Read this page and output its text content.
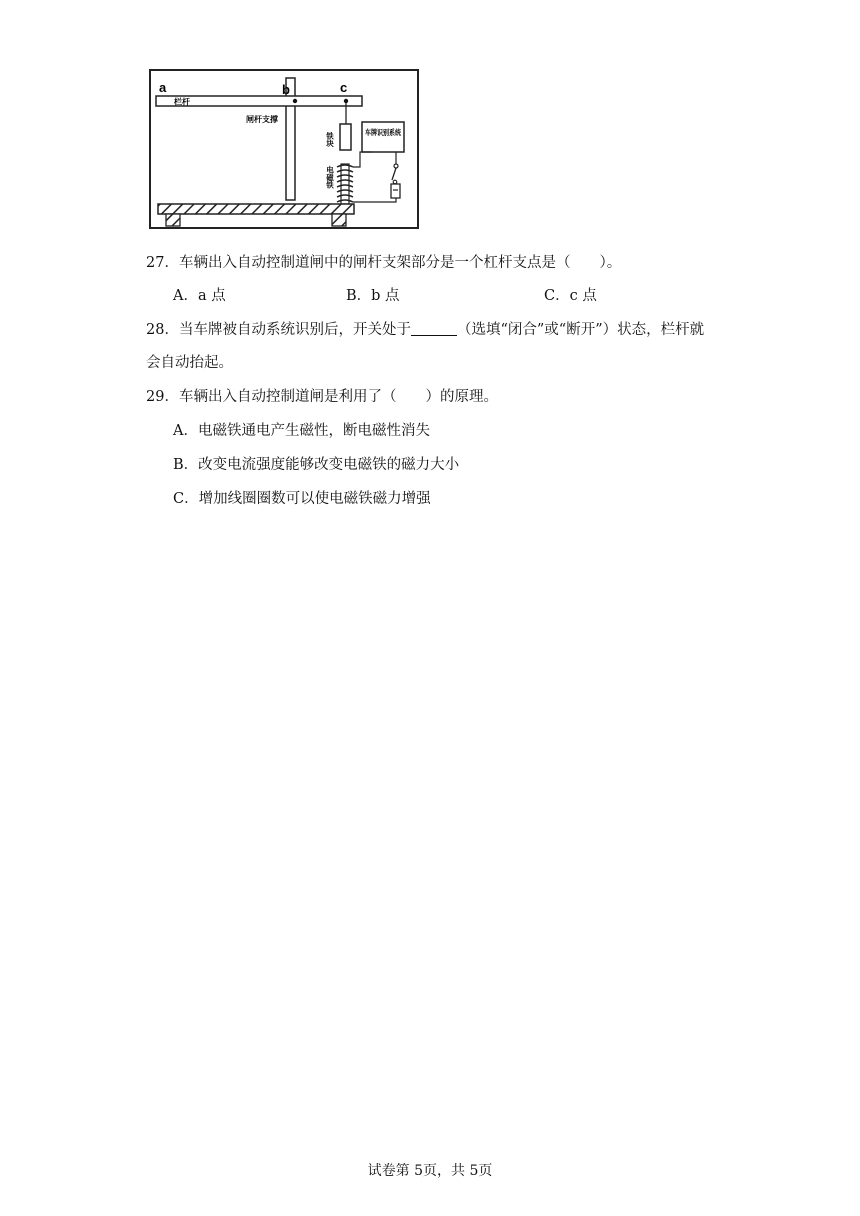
a	b	c
栏杆
闸杆支撑
铁块
电磁铁
车牌识别系统
27．车辆出入自动控制道闸中的闸杆支架部分是一个杠杆支点是（　　）。
A．a 点	B．b 点	C．c 点
28．当车牌被自动系统识别后，开关处于	（选填“闭合”或“断开”）状态，栏杆就
会自动抬起。
29．车辆出入自动控制道闸是利用了（　　）的原理。
A．电磁铁通电产生磁性，断电磁性消失
B．改变电流强度能够改变电磁铁的磁力大小
C．增加线圈圈数可以使电磁铁磁力增强
试卷第 5页，共 5页
